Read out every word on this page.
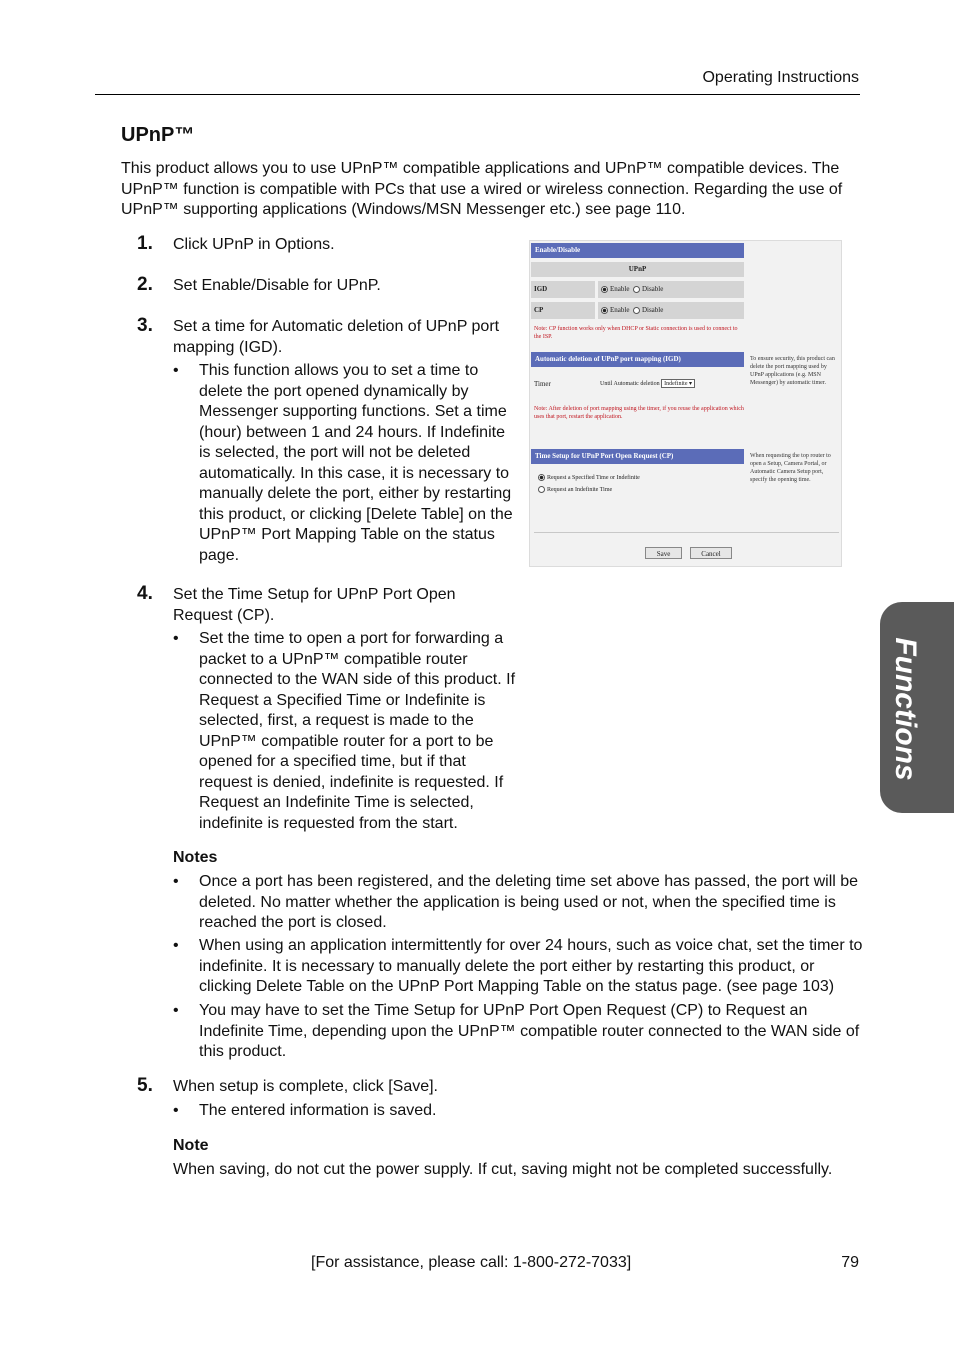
Operating Instructions
UPnP™
This product allows you to use UPnP™ compatible applications and UPnP™ compatible devices. The UPnP™ function is compatible with PCs that use a wired or wireless connection. Regarding the use of UPnP™ supporting applications (Windows/MSN Messenger etc.) see page 110.
1. Click UPnP in Options.
2. Set Enable/Disable for UPnP.
3. Set a time for Automatic deletion of UPnP port mapping (IGD).
• This function allows you to set a time to delete the port opened dynamically by Messenger supporting functions. Set a time (hour) between 1 and 24 hours. If Indefinite is selected, the port will not be deleted automatically. In this case, it is necessary to manually delete the port, either by restarting this product, or clicking [Delete Table] on the UPnP™ Port Mapping Table on the status page.
4. Set the Time Setup for UPnP Port Open Request (CP).
• Set the time to open a port for forwarding a packet to a UPnP™ compatible router connected to the WAN side of this product. If Request a Specified Time or Indefinite is selected, first, a request is made to the UPnP™ compatible router for a port to be opened for a specified time, but if that request is denied, indefinite is requested. If Request an Indefinite Time is selected, indefinite is requested from the start.
Notes
• Once a port has been registered, and the deleting time set above has passed, the port will be deleted. No matter whether the application is being used or not, when the specified time is reached the port is closed.
• When using an application intermittently for over 24 hours, such as voice chat, set the timer to indefinite. It is necessary to manually delete the port either by restarting this product, or clicking Delete Table on the UPnP Port Mapping Table on the status page. (see page 103)
• You may have to set the Time Setup for UPnP Port Open Request (CP) to Request an Indefinite Time, depending upon the UPnP™ compatible router connected to the WAN side of this product.
5. When setup is complete, click [Save].
• The entered information is saved.
Note
When saving, do not cut the power supply. If cut, saving might not be completed successfully.
Functions
[For assistance, please call: 1-800-272-7033]	79
Enable/Disable
UPnP
IGD	Enable Disable
CP	Enable Disable
Note: CP function works only when DHCP or Static connection is used to connect to the ISP.
Automatic deletion of UPnP port mapping (IGD)	To ensure security, this product can delete the port mapping used by UPnP applications (e.g. MSN Messenger) by automatic timer.
Timer	Until Automatic deletion Indefinite ▾
Note: After deletion of port mapping using the timer, if you reuse the application which uses that port, restart the application.
Time Setup for UPnP Port Open Request (CP)	When requesting the top router to open a Setup, Camera Portal, or Automatic Camera Setup port, specify the opening time.
Request a Specified Time or Indefinite
Request an Indefinite Time
Save	Cancel
